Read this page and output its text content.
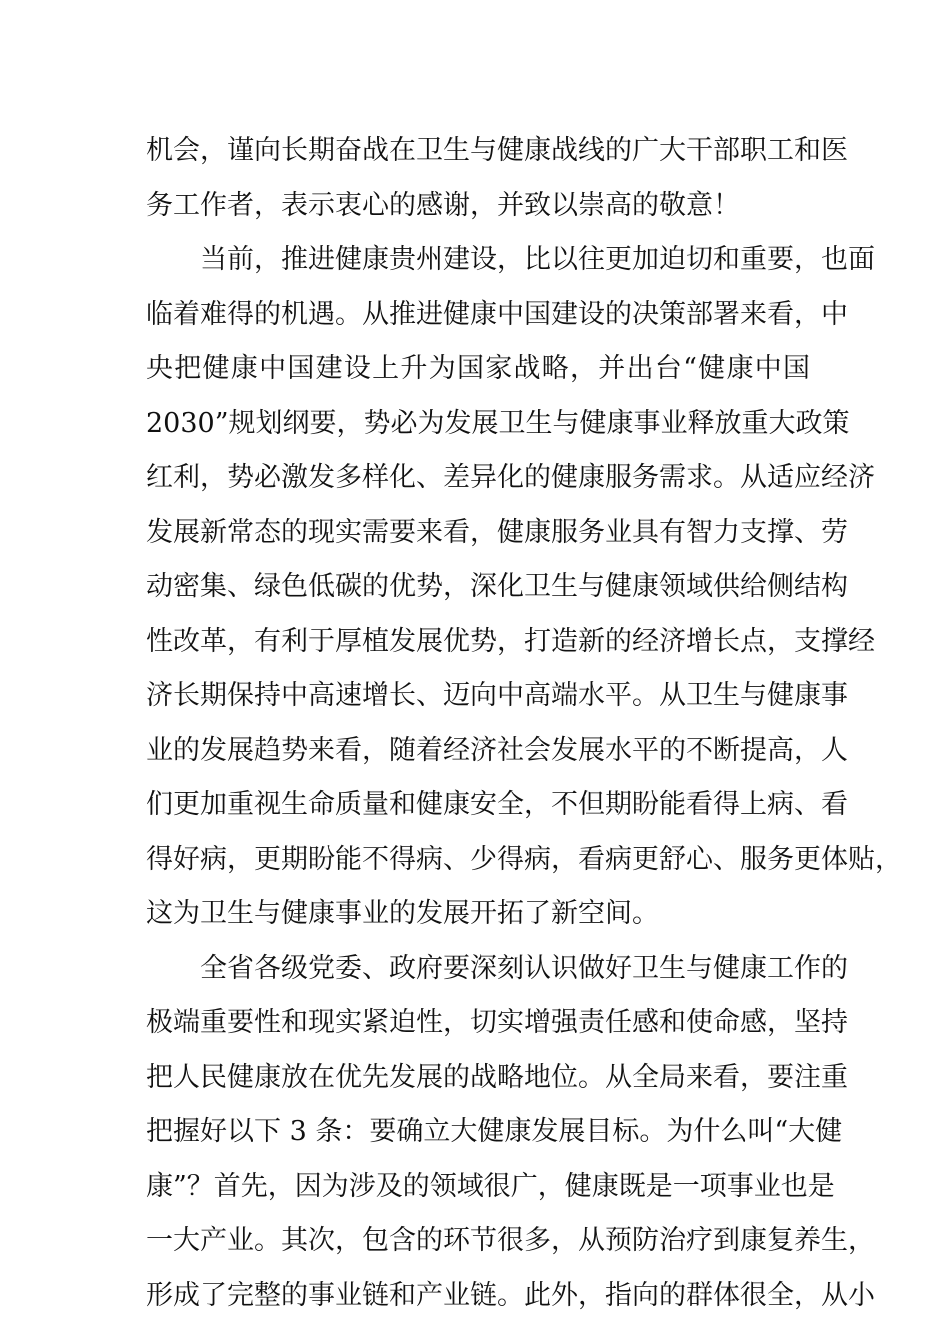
机会，谨向长期奋战在卫生与健康战线的广大干部职工和医
务工作者，表示衷心的感谢，并致以崇高的敬意！
当前，推进健康贵州建设，比以往更加迫切和重要，也面
临着难得的机遇。从推进健康中国建设的决策部署来看，中
央把健康中国建设上升为国家战略，并出台“健康中国
2030”规划纲要，势必为发展卫生与健康事业释放重大政策
红利，势必激发多样化、差异化的健康服务需求。从适应经济
发展新常态的现实需要来看，健康服务业具有智力支撑、劳
动密集、绿色低碳的优势，深化卫生与健康领域供给侧结构
性改革，有利于厚植发展优势，打造新的经济增长点，支撑经
济长期保持中高速增长、迈向中高端水平。从卫生与健康事
业的发展趋势来看，随着经济社会发展水平的不断提高，人
们更加重视生命质量和健康安全，不但期盼能看得上病、看
得好病，更期盼能不得病、少得病，看病更舒心、服务更体贴，
这为卫生与健康事业的发展开拓了新空间。
全省各级党委、政府要深刻认识做好卫生与健康工作的
极端重要性和现实紧迫性，切实增强责任感和使命感，坚持
把人民健康放在优先发展的战略地位。从全局来看，要注重
把握好以下 3 条：要确立大健康发展目标。为什么叫“大健
康”？首先，因为涉及的领域很广，健康既是一项事业也是
一大产业。其次，包含的环节很多，从预防治疗到康复养生，
形成了完整的事业链和产业链。此外，指向的群体很全，从小
